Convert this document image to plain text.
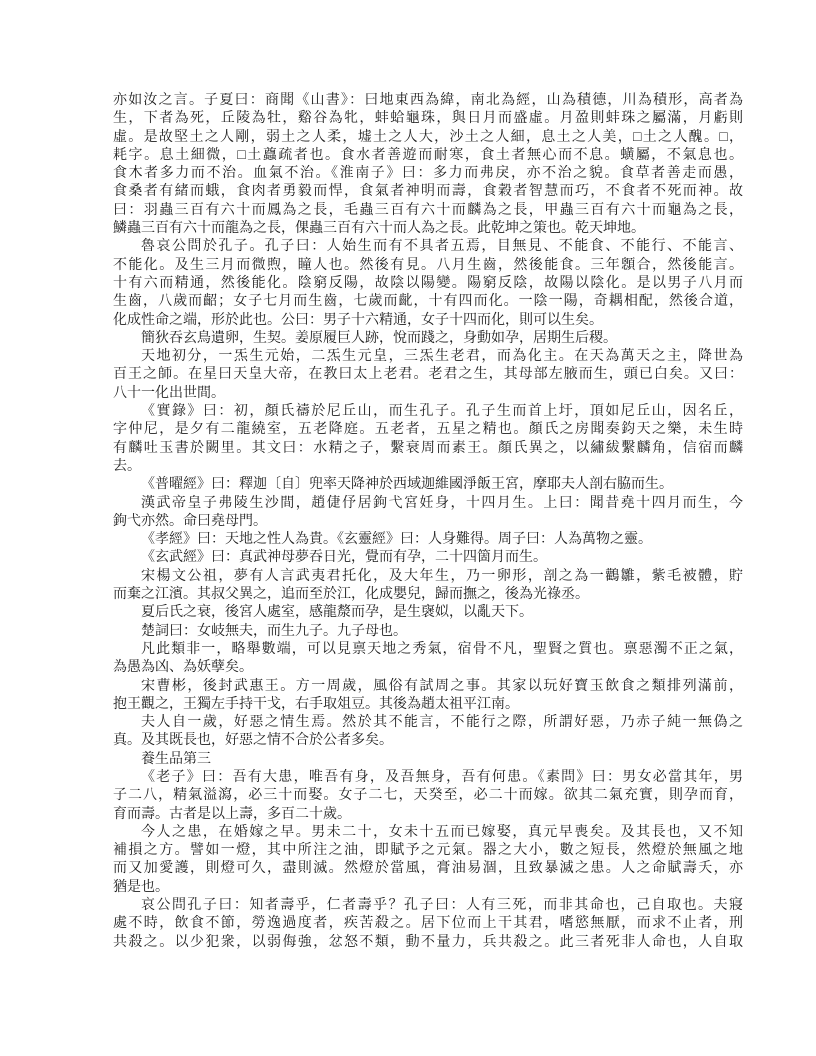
亦如汝之言。子夏曰：商聞《山書》：曰地東西為緯，南北為經，山為積德，川為積形，高者為
生，下者為死，丘陵為牡，谿谷為牝，蚌蛤龜珠，與日月而盛虛。月盈則蚌珠之屬滿，月虧則
虛。是故堅土之人剛，弱土之人柔，墟土之人大，沙土之人細，息土之人美，□土之人醜。□，
耗字。息土細微，□土蠤疏者也。食水者善遊而耐寒，食土者無心而不息。蟥屬，不氣息也。
食木者多力而不治。血氣不治。《淮南子》曰：多力而弗戾，亦不治之貌。食草者善走而愚，
食桑者有緒而蛾，食肉者勇毅而悍，食氣者神明而壽，食穀者智慧而巧，不食者不死而神。故
曰：羽蟲三百有六十而鳳為之長，毛蟲三百有六十而麟為之長，甲蟲三百有六十而龜為之長，
鱗蟲三百有六十而龍為之長，倮蟲三百有六十而人為之長。此乾坤之策也。乾天坤地。
魯哀公問於孔子。孔子曰：人始生而有不具者五焉，目無見、不能食、不能行、不能言、
不能化。及生三月而微煦，瞳人也。然後有見。八月生齒，然後能食。三年顖合，然後能言。
十有六而精通，然後能化。陰窮反陽，故陰以陽變。陽窮反陰，故陽以陰化。是以男子八月而
生齒，八歲而齠；女子七月而生齒，七歲而齔，十有四而化。一陰一陽，奇耦相配，然後合道，
化成性命之端，形於此也。公曰：男子十六精通，女子十四而化，則可以生矣。
簡狄吞玄鳥遺卵，生契。姜原履巨人跡，悅而踐之，身動如孕，居期生后稷。
天地初分，一炁生元始，二炁生元皇，三炁生老君，而為化主。在天為萬天之主，降世為
百王之師。在星曰天皇大帝，在教曰太上老君。老君之生，其母部左腋而生，頭已白矣。又曰：
八十一化出世間。
《實錄》曰：初，顏氏禱於尼丘山，而生孔子。孔子生而首上圩，頂如尼丘山，因名丘，
字仲尼，是夕有二龍繞室，五老降庭。五老者，五星之精也。顏氏之房聞奏鈞天之樂，未生時
有麟吐玉書於闕里。其文曰：水精之子，繫衰周而素王。顏氏異之，以繡紱繫麟角，信宿而麟
去。
《普曜經》曰：釋迦〔自〕兜率天降神於西域迦維國淨飯王宮，摩耶夫人剖右脇而生。
漢武帝皇子弗陵生沙間，趙倢伃居鉤弋宮妊身，十四月生。上曰：聞昔堯十四月而生，今
鉤弋亦然。命曰堯母門。
《孝經》曰：天地之性人為貴。《玄靈經》曰：人身難得。周子曰：人為萬物之靈。
《玄武經》曰：真武神母夢吞日光，覺而有孕，二十四箇月而生。
宋楊文公祖，夢有人言武夷君托化，及大年生，乃一卵形，剖之為一鸛雛，紫毛被體，貯
而棄之江濱。其叔父異之，追而至於江，化成嬰兒，歸而撫之，後為光祿丞。
夏后氏之衰，後宮人處室，感龍漦而孕，是生襃姒，以亂天下。
楚詞曰：女岐無夫，而生九子。九子母也。
凡此類非一，略舉數端，可以見禀天地之秀氣，宿骨不凡，聖賢之質也。禀惡濁不正之氣，
為愚為凶、為妖孽矣。
宋曹彬，後封武惠王。方一周歲，風俗有試周之事。其家以玩好寶玉飲食之類排列滿前，
抱王觀之，王獨左手持干戈，右手取俎豆。其後為趙太祖平江南。
夫人自一歲，好惡之情生焉。然於其不能言，不能行之際，所謂好惡，乃赤子純一無偽之
真。及其既長也，好惡之情不合於公者多矣。
養生品第三
《老子》曰：吾有大患，唯吾有身，及吾無身，吾有何患。《素問》曰：男女必當其年，男
子二八，精氣溢瀉，必三十而娶。女子二七，天癸至，必二十而嫁。欲其二氣充實，則孕而育，
育而壽。古者是以上壽，多百二十歲。
今人之患，在婚嫁之早。男未二十，女未十五而已嫁娶，真元早喪矣。及其長也，又不知
補損之方。譬如一燈，其中所注之油，即賦予之元氣。器之大小，數之短長，然燈於無風之地
而又加愛護，則燈可久，盡則滅。然燈於當風，膏油易涸，且致暴滅之患。人之命賦壽夭，亦
猶是也。
哀公問孔子曰：知者壽乎，仁者壽乎？孔子曰：人有三死，而非其命也，己自取也。夫寢
處不時，飲食不節，勞逸過度者，疾苦殺之。居下位而上干其君，嗜慾無厭，而求不止者，刑
共殺之。以少犯衆，以弱侮強，忿怒不類，動不量力，兵共殺之。此三者死非人命也，人自取
